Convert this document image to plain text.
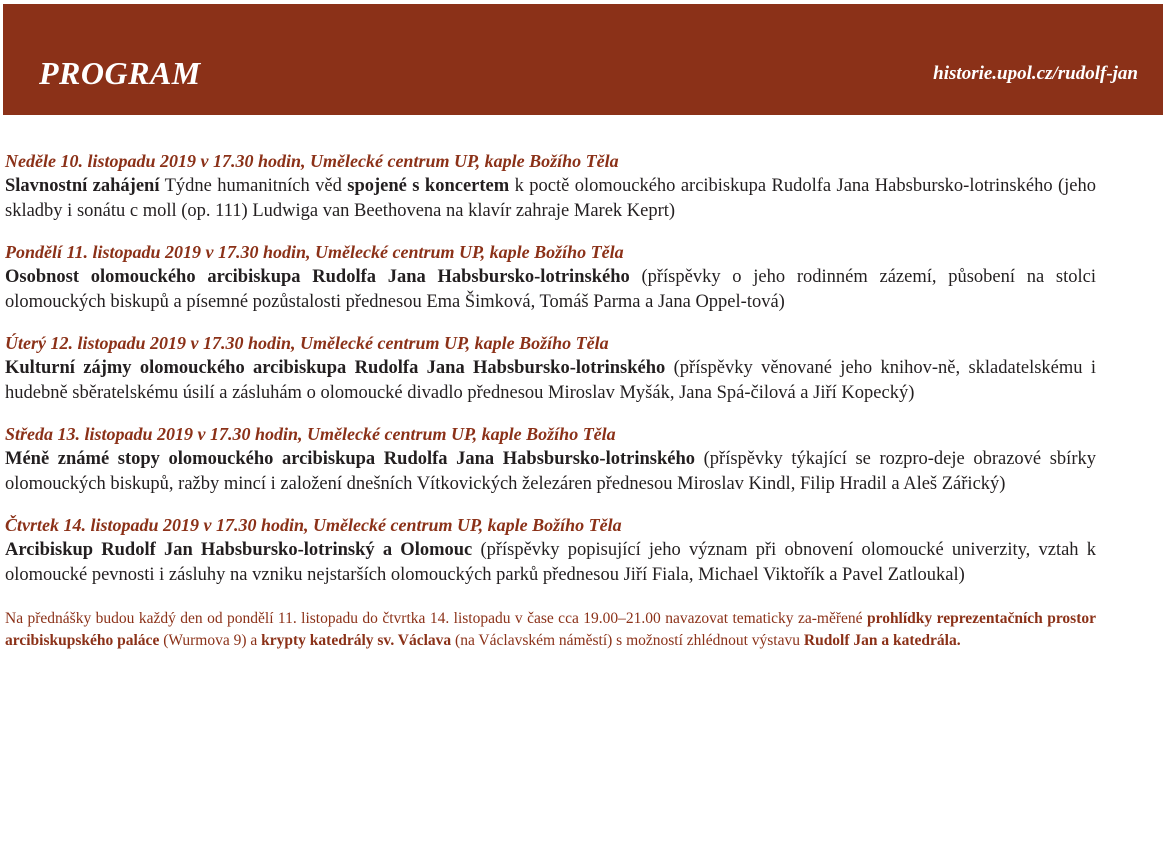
PROGRAM	historie.upol.cz/rudolf-jan
Neděle 10. listopadu 2019 v 17.30 hodin, Umělecké centrum UP, kaple Božího Těla
Slavnostní zahájení Týdne humanitních věd spojené s koncertem k poctě olomouckého arcibiskupa Rudolfa Jana Habsbursko-lotrinského (jeho skladby i sonátu c moll (op. 111) Ludwiga van Beethovena na klavír zahraje Marek Keprt)
Pondělí 11. listopadu 2019 v 17.30 hodin, Umělecké centrum UP, kaple Božího Těla
Osobnost olomouckého arcibiskupa Rudolfa Jana Habsbursko-lotrinského (příspěvky o jeho rodinném zázemí, působení na stolci olomouckých biskupů a písemné pozůstalosti přednesou Ema Šimková, Tomáš Parma a Jana Oppel-tová)
Úterý 12. listopadu 2019 v 17.30 hodin, Umělecké centrum UP, kaple Božího Těla
Kulturní zájmy olomouckého arcibiskupa Rudolfa Jana Habsbursko-lotrinského (příspěvky věnované jeho knihov-ně, skladatelskému i hudebně sběratelskému úsilí a zásluhám o olomoucké divadlo přednesou Miroslav Myšák, Jana Spá-čilová a Jiří Kopecký)
Středa 13. listopadu 2019 v 17.30 hodin, Umělecké centrum UP, kaple Božího Těla
Méně známé stopy olomouckého arcibiskupa Rudolfa Jana Habsbursko-lotrinského (příspěvky týkající se rozpro-deje obrazové sbírky olomouckých biskupů, ražby mincí i založení dnešních Vítkovických železáren přednesou Miroslav Kindl, Filip Hradil a Aleš Zářický)
Čtvrtek 14. listopadu 2019 v 17.30 hodin, Umělecké centrum UP, kaple Božího Těla
Arcibiskup Rudolf Jan Habsbursko-lotrinský a Olomouc (příspěvky popisující jeho význam při obnovení olomoucké univerzity, vztah k olomoucké pevnosti i zásluhy na vzniku nejstarších olomouckých parků přednesou Jiří Fiala, Michael Viktořík a Pavel Zatloukal)
Na přednášky budou každý den od pondělí 11. listopadu do čtvrtka 14. listopadu v čase cca 19.00–21.00 navazovat tematicky za-měřené prohlídky reprezentačních prostor arcibiskupského paláce (Wurmova 9) a krypty katedrály sv. Václava (na Václavském náměstí) s možností zhlédnout výstavu Rudolf Jan a katedrála.
